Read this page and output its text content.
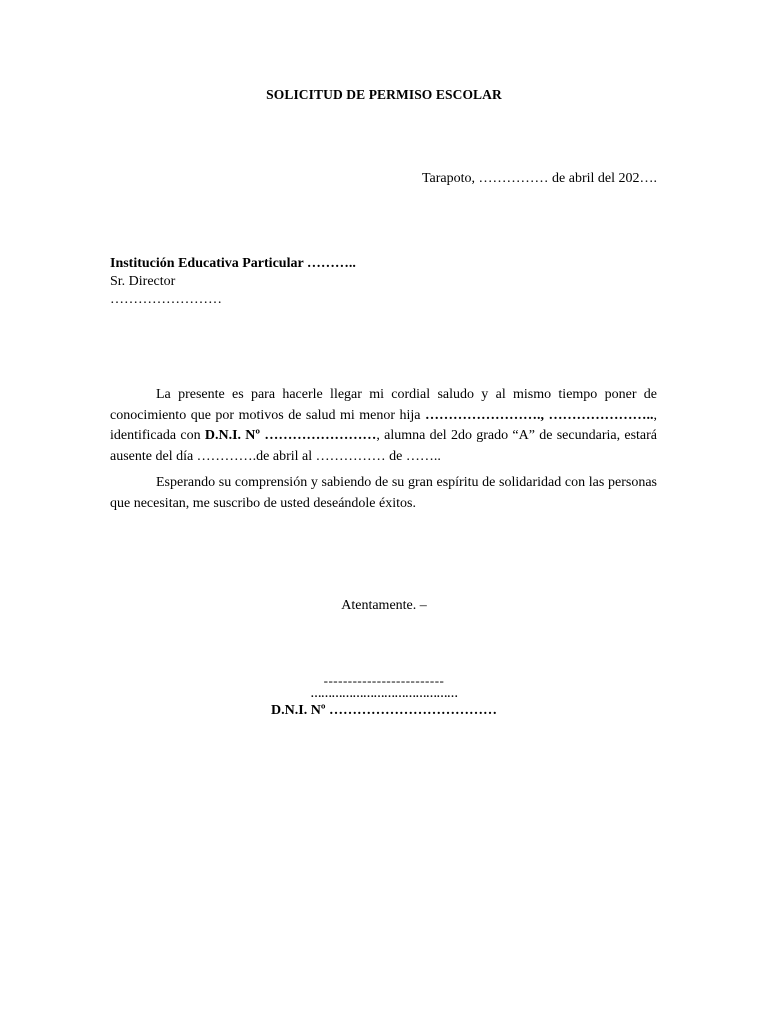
SOLICITUD DE PERMISO ESCOLAR
Tarapoto, …………… de abril del 202….
Institución Educativa Particular ………..
Sr. Director
……………………

La presente es para hacerle llegar mi cordial saludo y al mismo tiempo poner de conocimiento que por motivos de salud mi menor hija ……………………., ………………….., identificada con D.N.I. Nº ……………………, alumna del 2do grado “A” de secundaria, estará ausente del día ………….de abril al …………… de ……..

Esperando su comprensión y sabiendo de su gran espíritu de solidaridad con las personas que necesitan, me suscribo de usted deseándole éxitos.

Atentamente. –
-------------------------
……………………………………
D.N.I. Nº ………………………………
